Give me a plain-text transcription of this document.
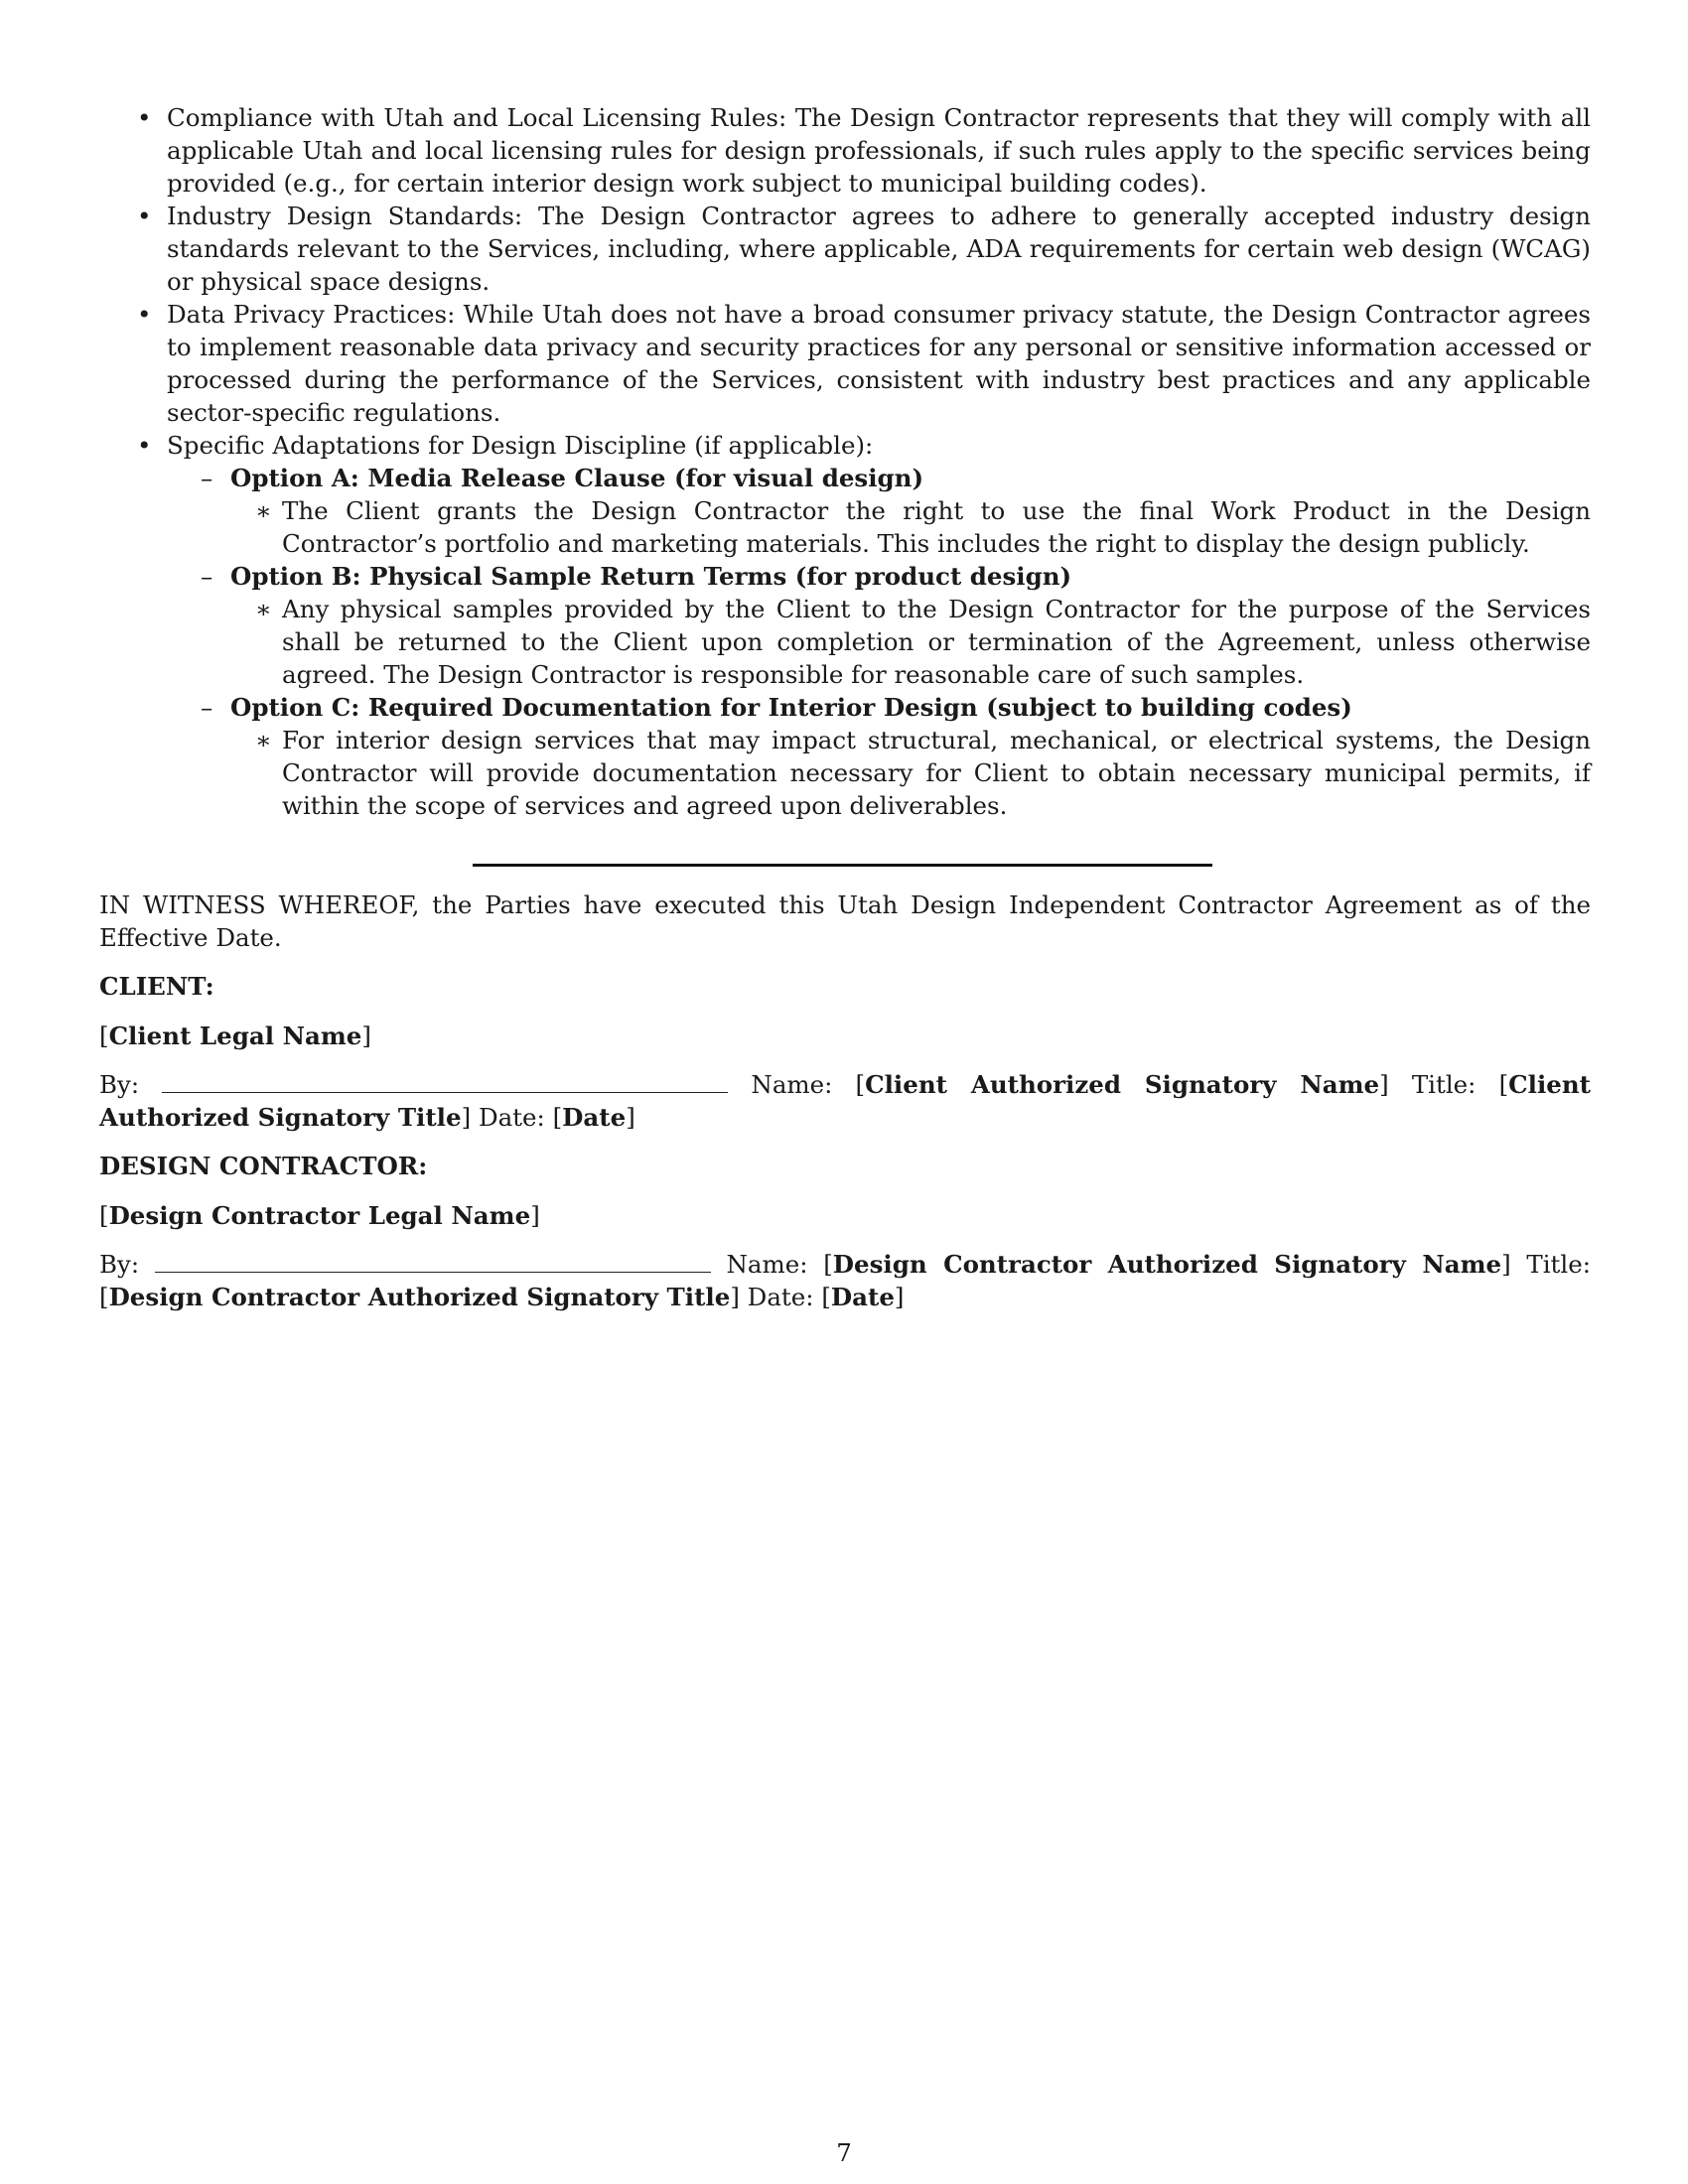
• Compliance with Utah and Local Licensing Rules: The Design Contractor represents that they will comply with all applicable Utah and local licensing rules for design professionals, if such rules apply to the specific services being provided (e.g., for certain interior design work subject to municipal building codes).
• Industry Design Standards: The Design Contractor agrees to adhere to generally accepted industry design standards relevant to the Services, including, where applicable, ADA requirements for certain web design (WCAG) or physical space designs.
• Data Privacy Practices: While Utah does not have a broad consumer privacy statute, the Design Contractor agrees to implement reasonable data privacy and security practices for any personal or sensitive information accessed or processed during the performance of the Services, consistent with industry best practices and any applicable sector-specific regulations.
• Specific Adaptations for Design Discipline (if applicable):
– Option A: Media Release Clause (for visual design)
∗ The Client grants the Design Contractor the right to use the final Work Product in the Design Contractor’s portfolio and marketing materials. This includes the right to display the design publicly.
– Option B: Physical Sample Return Terms (for product design)
∗ Any physical samples provided by the Client to the Design Contractor for the purpose of the Services shall be returned to the Client upon completion or termination of the Agreement, unless otherwise agreed. The Design Contractor is responsible for reasonable care of such samples.
– Option C: Required Documentation for Interior Design (subject to building codes)
∗ For interior design services that may impact structural, mechanical, or electrical systems, the Design Contractor will provide documentation necessary for Client to obtain necessary municipal permits, if within the scope of services and agreed upon deliverables.
IN WITNESS WHEREOF, the Parties have executed this Utah Design Independent Contractor Agreement as of the Effective Date.
CLIENT:
[Client Legal Name]
By:	Name: [Client Authorized Signatory Name] Title: [Client Authorized Signatory Title] Date: [Date]
DESIGN CONTRACTOR:
[Design Contractor Legal Name]
By:	Name: [Design Contractor Authorized Signatory Name] Title: [Design Contractor Authorized Signatory Title] Date: [Date]
7
